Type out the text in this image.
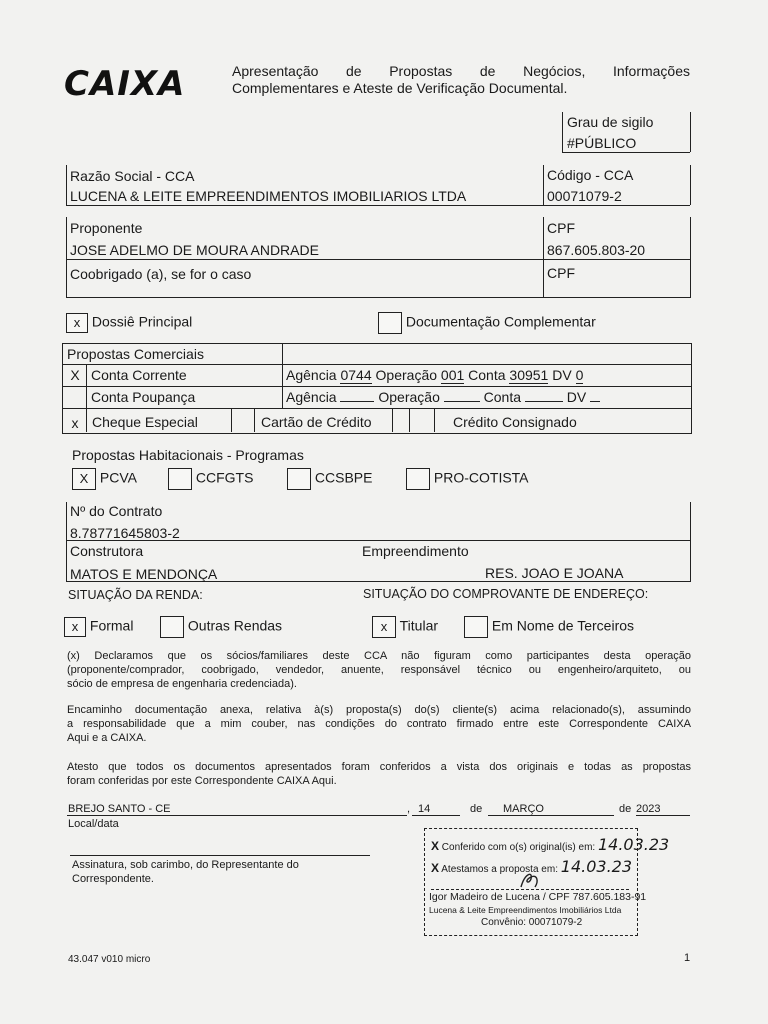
CAIXA	Apresentação de Propostas de Negócios, Informações
Complementares e Ateste de Verificação Documental.
Grau de sigilo
#PÚBLICO
Razão Social - CCA
LUCENA & LEITE EMPREENDIMENTOS IMOBILIARIOS LTDA
Código - CCA
00071079-2
Proponente
JOSE ADELMO DE MOURA ANDRADE
CPF
867.605.803-20
Coobrigado (a), se for o caso	CPF
x Dossiê Principal	Documentação Complementar
Propostas Comerciais
X Conta Corrente	Agência 0744 Operação 001 Conta 30951 DV 0
Conta Poupança	Agência	Operação	Conta	DV
x Cheque Especial	Cartão de Crédito	Crédito Consignado
Propostas Habitacionais - Programas
X PCVA	CCFGTS	CCSBPE	PRO-COTISTA
Nº do Contrato
8.78771645803-2
Construtora
MATOS E MENDONÇA
Empreendimento
RES. JOAO E JOANA
SITUAÇÃO DA RENDA:	SITUAÇÃO DO COMPROVANTE DE ENDEREÇO:
x Formal	Outras Rendas	x Titular	Em Nome de Terceiros
(x) Declaramos que os sócios/familiares deste CCA não figuram como participantes desta operação
(proponente/comprador, coobrigado, vendedor, anuente, responsável técnico ou engenheiro/arquiteto, ou
sócio de empresa de engenharia credenciada).
Encaminho documentação anexa, relativa à(s) proposta(s) do(s) cliente(s) acima relacionado(s), assumindo
a responsabilidade que a mim couber, nas condições do contrato firmado entre este Correspondente CAIXA
Aqui e a CAIXA.
Atesto que todos os documentos apresentados foram conferidos a vista dos originais e todas as propostas
foram conferidas por este Correspondente CAIXA Aqui.
BREJO SANTO - CE	, 14	de MARÇO	de 2023
Local/data
Assinatura, sob carimbo, do Representante do
Correspondente.
X Conferido com o(s) original(is) em: 14.03.23
X Atestamos a proposta em: 14.03.23
Igor Madeiro de Lucena / CPF 787.605.183-91
Lucena & Leite Empreendimentos Imobiliários Ltda
Convênio: 00071079-2
43.047 v010 micro	1
